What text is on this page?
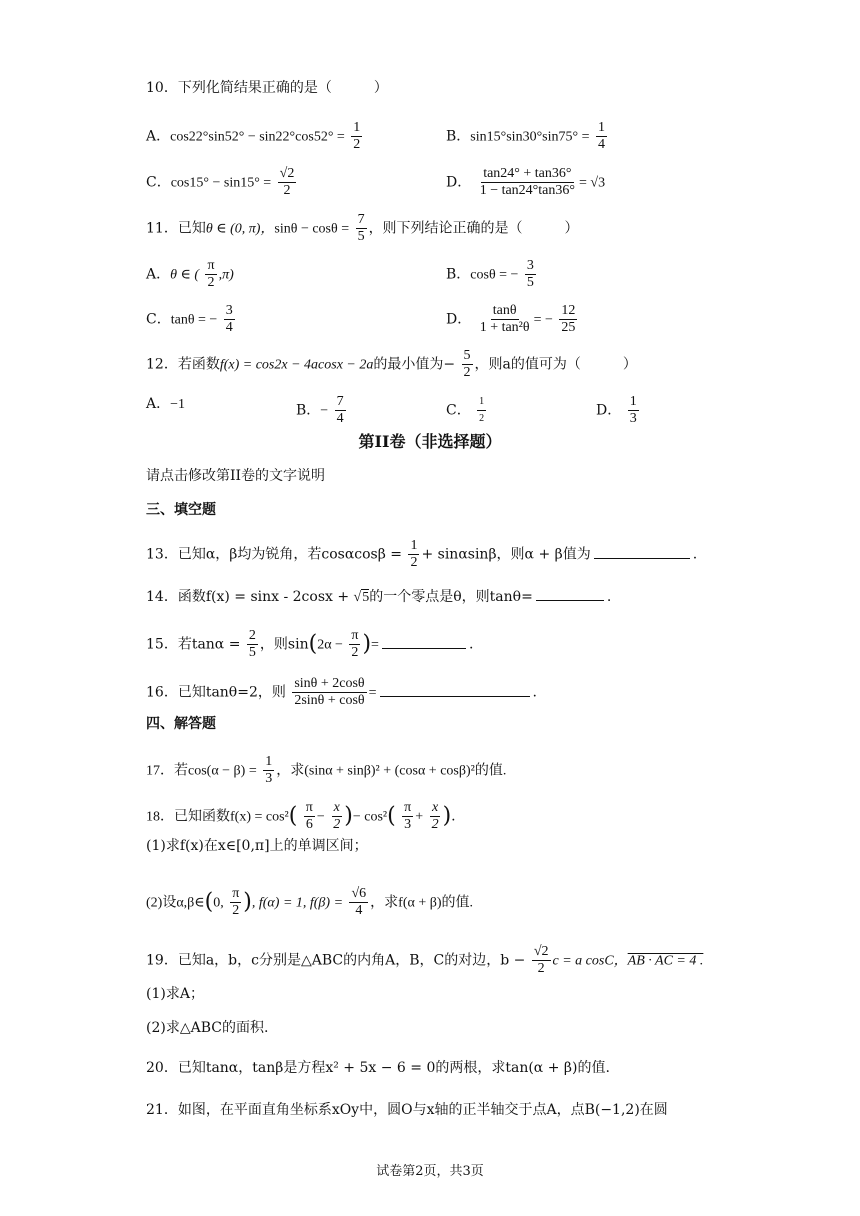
10．下列化简结果正确的是（　　　）
A．$\cos 22^\circ\sin 52^\circ - \sin 22^\circ\cos 52^\circ = \frac{1}{2}$	B．$\sin 15^\circ\sin 30^\circ\sin 75^\circ = \frac{1}{4}$
C．$\cos 15^\circ - \sin 15^\circ = \frac{√2}{2}$	D． $\frac{\tan 24^\circ + \tan 36^\circ}{1 - \tan 24^\circ\tan 36^\circ} = √3$
11．已知θ ∈ (0, π)，$\sin\theta - \cos\theta = \frac{7}{5}$ ，则下列结论正确的是（　　　）
A．θ ∈ ( $\frac{\pi}{2} ,\pi$)	B．cosθ = − $\frac{3}{5}$
C．tanθ = − $\frac{3}{4}$	D． $\frac{\tan\theta}{\text{1 + tan²θ}}$ = − $\frac{12}{25}$
12．若函数f(x) = cos2x − 4acosx − 2a的最小值为− $\frac{5}{2}$ ，则a的值可为（　　　）
A．−1	B．− $\frac{7}{4}$	C． $\frac{1}{2}$	D． $\frac{1}{3}$
第II卷（非选择题）
请点击修改第II卷的文字说明
三、填空题
13．已知α，β均为锐角，若$\cos\alpha\cos\beta = \frac{1}{2} + \sin\alpha\sin\beta$，则α + β值为	.
14．函数f(x) = sinx - 2cosx + √5的一个零点是θ，则tanθ=	.
15．若$\tan\alpha = \frac{2}{5}$ ，则$\sin(2\alpha - \frac{\pi}{2}$ )=	.
16．已知tanθ=2，则 $\frac{\sin\theta + 2\cos\theta}{2\sin\theta + \cos\theta}$ =	.
四、解答题
17．若$\cos(\alpha - \beta) = \frac{1}{3}$ ，求(sinα + sinβ)² + (cosα + cosβ)²的值.
18．已知函数$f(x) = \cos^2( \frac{\pi}{6} - \frac{x}{2}$ )− $\cos^2( \frac{\pi}{3} + \frac{x}{2}$ ).
(1)求f(x)在x∈[0,π]上的单调区间；
(2)设α,β∈(0, $\frac{\pi}{2}$ ), f(α) = 1, $f(\beta) = \frac{√6}{4}$ ，求f(α + β)的值.
19．已知a，b，c分别是△ABC的内角A，B，C的对边，$b - \frac{√2}{2}$ c = a cosC，AB · AC = 4 .
(1)求A；
(2)求△ABC的面积.
20．已知tanα，tanβ是方程x² + 5x − 6 = 0的两根，求tan(α + β)的值.
21．如图，在平面直角坐标系xOy中，圆O与x轴的正半轴交于点A，点B(−1,2)在圆
试卷第2页，共3页
